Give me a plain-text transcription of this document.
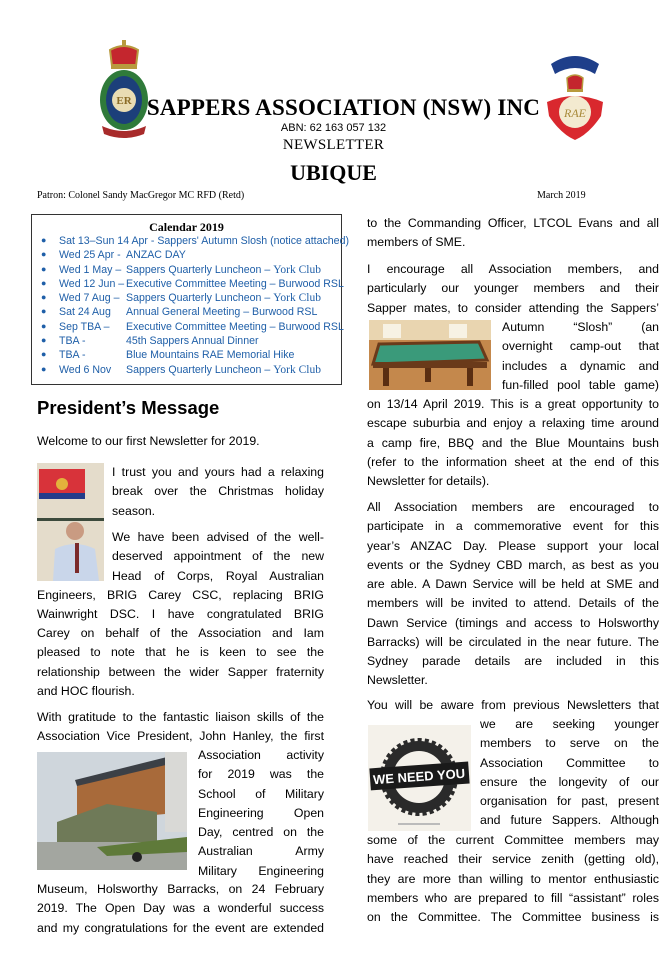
ER
RAE
SAPPERS ASSOCIATION (NSW) INC
ABN: 62 163 057 132
NEWSLETTER
UBIQUE
Patron: Colonel Sandy MacGregor MC RFD (Retd)	March 2019
Calendar 2019
● Sat 13–Sun 14 Apr - Sappers' Autumn Slosh (notice attached)
● Wed 25 Apr - ANZAC DAY
● Wed 1 May – Sappers Quarterly Luncheon – York Club
● Wed 12 Jun – Executive Committee Meeting – Burwood RSL
● Wed 7 Aug – Sappers Quarterly Luncheon – York Club
● Sat 24 Aug Annual General Meeting – Burwood RSL
● Sep TBA – Executive Committee Meeting – Burwood RSL
● TBA -	45th Sappers Annual Dinner
● TBA -	Blue Mountains RAE Memorial Hike
● Wed 6 Nov Sappers Quarterly Luncheon – York Club
President’s Message
Welcome to our first Newsletter for 2019.
I trust you and yours had a relaxing
break over the Christmas holiday
season.
We have been advised of the well-
deserved appointment of the new
Head of Corps, Royal Australian
Engineers, BRIG Carey CSC, replacing BRIG
Wainwright DSC. I have congratulated BRIG
Carey on behalf of the Association and Iam
pleased to note that he is keen to see the
relationship between the wider Sapper fraternity
and HOC flourish.
With gratitude to the fantastic liaison skills of the
Association Vice President, John Hanley, the first
Association activity
for 2019 was the
School of Military
Engineering Open
Day, centred on the
Australian Army
Military Engineering
Museum, Holsworthy Barracks, on 24 February
2019. The Open Day was a wonderful success
and my congratulations for the event are extended
WE NEED YOU
to the Commanding Officer, LTCOL Evans and all
members of SME.
I encourage all Association members, and
particularly our younger members and their
Sapper mates, to consider attending the Sappers’
Autumn “Slosh” (an
overnight camp-out that
includes a dynamic and
fun-filled pool table game)
on 13/14 April 2019. This is a great opportunity to
escape suburbia and enjoy a relaxing time around
a camp fire, BBQ and the Blue Mountains bush
(refer to the information sheet at the end of this
Newsletter for details).
All Association members are encouraged to
participate in a commemorative event for this
year’s ANZAC Day. Please support your local
events or the Sydney CBD march, as best as you
are able. A Dawn Service will be held at SME and
members will be invited to attend. Details of the
Dawn Service (timings and access to Holsworthy
Barracks) will be circulated in the near future. The
Sydney parade details are included in this
Newsletter.
You will be aware from previous Newsletters that
we are seeking younger
members to serve on the
Association Committee to
ensure the longevity of our
organisation for past, present
and future Sappers. Although
some of the current Committee members may
have reached their service zenith (getting old),
they are more than willing to mentor enthusiastic
members who are prepared to fill “assistant” roles
on the Committee. The Committee business is
